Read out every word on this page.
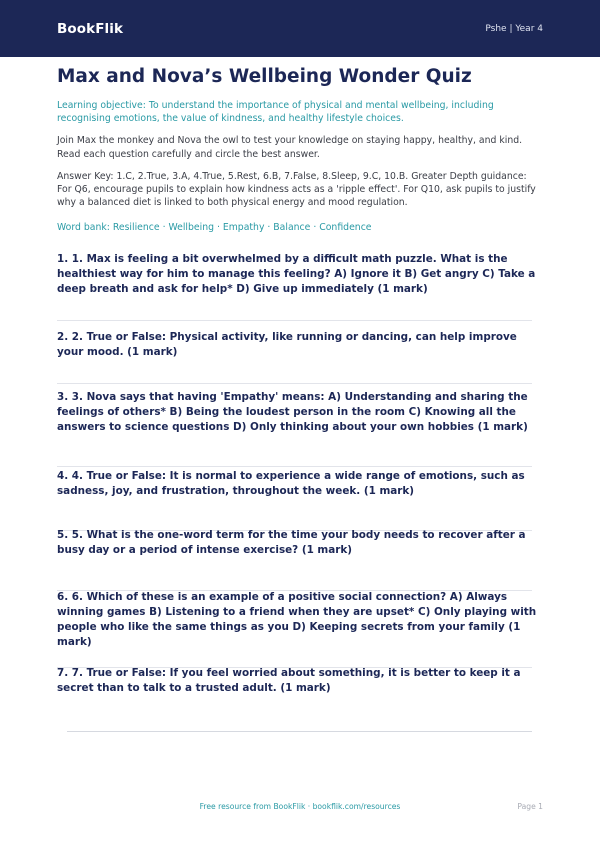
BookFlik	Pshe | Year 4
Max and Nova’s Wellbeing Wonder Quiz

Learning objective: To understand the importance of physical and mental wellbeing, including recognising emotions, the value of kindness, and healthy lifestyle choices.

Join Max the monkey and Nova the owl to test your knowledge on staying happy, healthy, and kind. Read each question carefully and circle the best answer.

Answer Key: 1.C, 2.True, 3.A, 4.True, 5.Rest, 6.B, 7.False, 8.Sleep, 9.C, 10.B. Greater Depth guidance: For Q6, encourage pupils to explain how kindness acts as a 'ripple effect'. For Q10, ask pupils to justify why a balanced diet is linked to both physical energy and mood regulation.

Word bank: Resilience · Wellbeing · Empathy · Balance · Confidence

1. 1. Max is feeling a bit overwhelmed by a difficult math puzzle. What is the healthiest way for him to manage this feeling? A) Ignore it B) Get angry C) Take a deep breath and ask for help* D) Give up immediately (1 mark)
2. 2. True or False: Physical activity, like running or dancing, can help improve your mood. (1 mark)
3. 3. Nova says that having 'Empathy' means: A) Understanding and sharing the feelings of others* B) Being the loudest person in the room C) Knowing all the answers to science questions D) Only thinking about your own hobbies (1 mark)
4. 4. True or False: It is normal to experience a wide range of emotions, such as sadness, joy, and frustration, throughout the week. (1 mark)
5. 5. What is the one-word term for the time your body needs to recover after a busy day or a period of intense exercise? (1 mark)
6. 6. Which of these is an example of a positive social connection? A) Always winning games B) Listening to a friend when they are upset* C) Only playing with people who like the same things as you D) Keeping secrets from your family (1 mark)
7. 7. True or False: If you feel worried about something, it is better to keep it a secret than to talk to a trusted adult. (1 mark)
Free resource from BookFlik · bookflik.com/resources	Page 1
